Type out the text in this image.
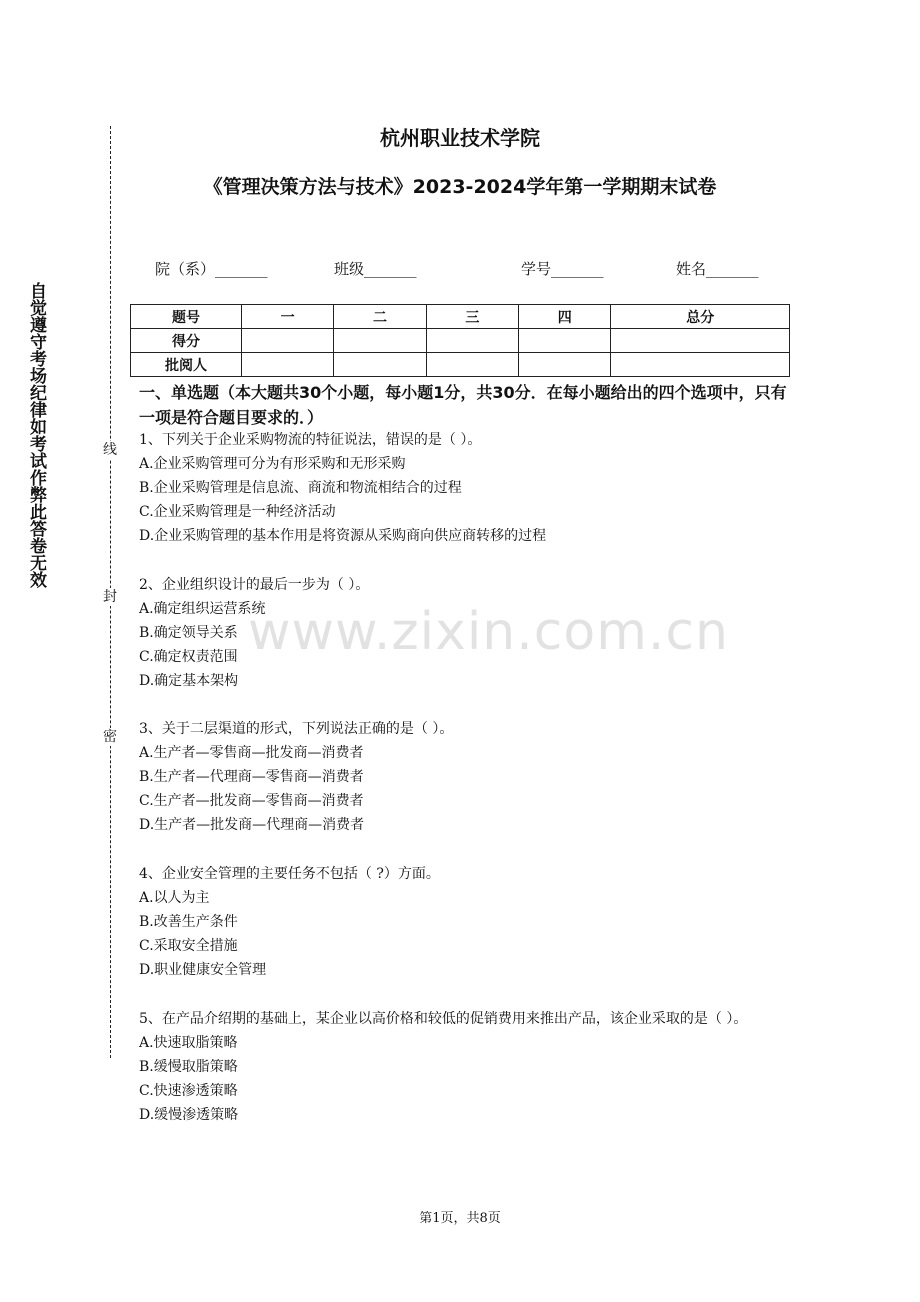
自觉遵守考场纪律如考试作弊此答卷无效	线
封
密
杭州职业技术学院
《管理决策方法与技术》2023-2024学年第一学期期末试卷
院（系）_______	班级_______	学号_______	姓名_______
题号	一	二	三	四	总分
得分					
批阅人					
一、单选题（本大题共30个小题，每小题1分，共30分．在每小题给出的四个选项中，只有一项是符合题目要求的．）

1、下列关于企业采购物流的特征说法，错误的是（ ）。

A.企业采购管理可分为有形采购和无形采购

B.企业采购管理是信息流、商流和物流相结合的过程

C.企业采购管理是一种经济活动

D.企业采购管理的基本作用是将资源从采购商向供应商转移的过程

2、企业组织设计的最后一步为（ ）。

A.确定组织运营系统

B.确定领导关系

C.确定权责范围

D.确定基本架构

3、关于二层渠道的形式，下列说法正确的是（ ）。

A.生产者—零售商—批发商—消费者

B.生产者—代理商—零售商—消费者

C.生产者—批发商—零售商—消费者

D.生产者—批发商—代理商—消费者

4、企业安全管理的主要任务不包括（ ?）方面。

A.以人为主

B.改善生产条件

C.采取安全措施

D.职业健康安全管理

5、在产品介绍期的基础上，某企业以高价格和较低的促销费用来推出产品，该企业采取的是（ ）。

A.快速取脂策略

B.缓慢取脂策略

C.快速渗透策略

D.缓慢渗透策略

www.zixin.com.cn
第1页，共8页
